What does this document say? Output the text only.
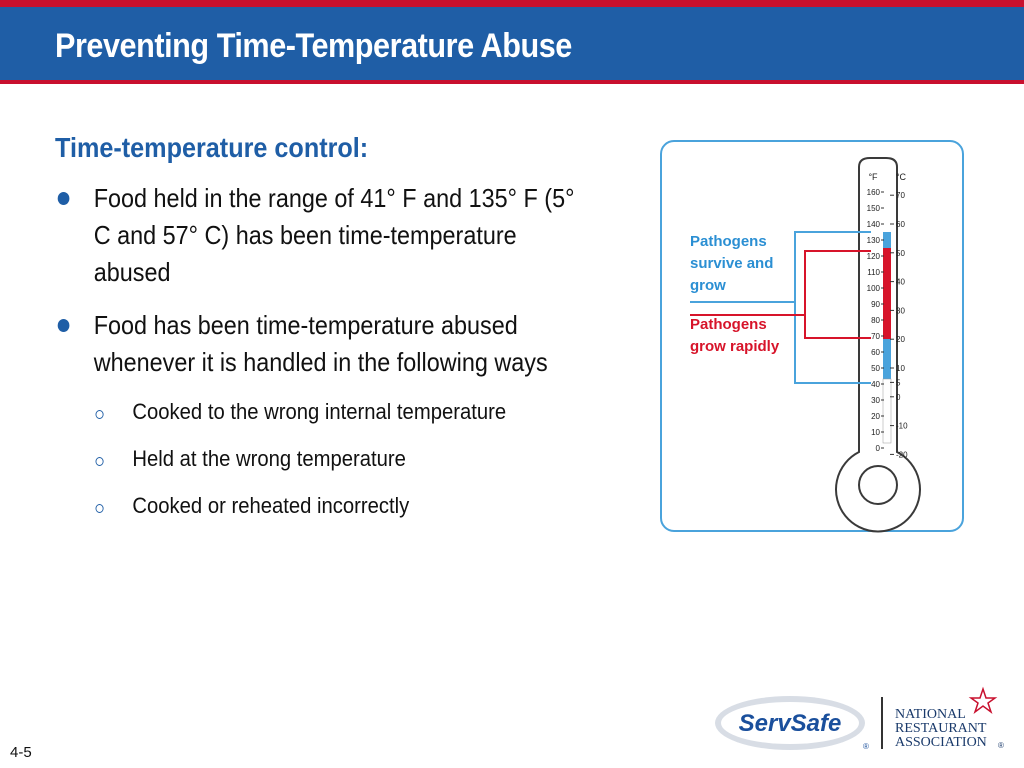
Preventing Time-Temperature Abuse
Time-temperature control:
Food held in the range of 41° F and 135° F (5° C and 57° C) has been time-temperature abused
Food has been time-temperature abused whenever it is handled in the following ways
Cooked to the wrong internal temperature
Held at the wrong temperature
Cooked or reheated incorrectly
°F °C
160
150
140
130
120
110
100
90
80
70
60
50
40
30
20
10
0
70
60
50
40
30
20
10
5
0
-10
-20
Pathogens
survive and
grow
Pathogens
grow rapidly
4-5
ServSafe
®
NATIONAL
RESTAURANT
ASSOCIATION ®
